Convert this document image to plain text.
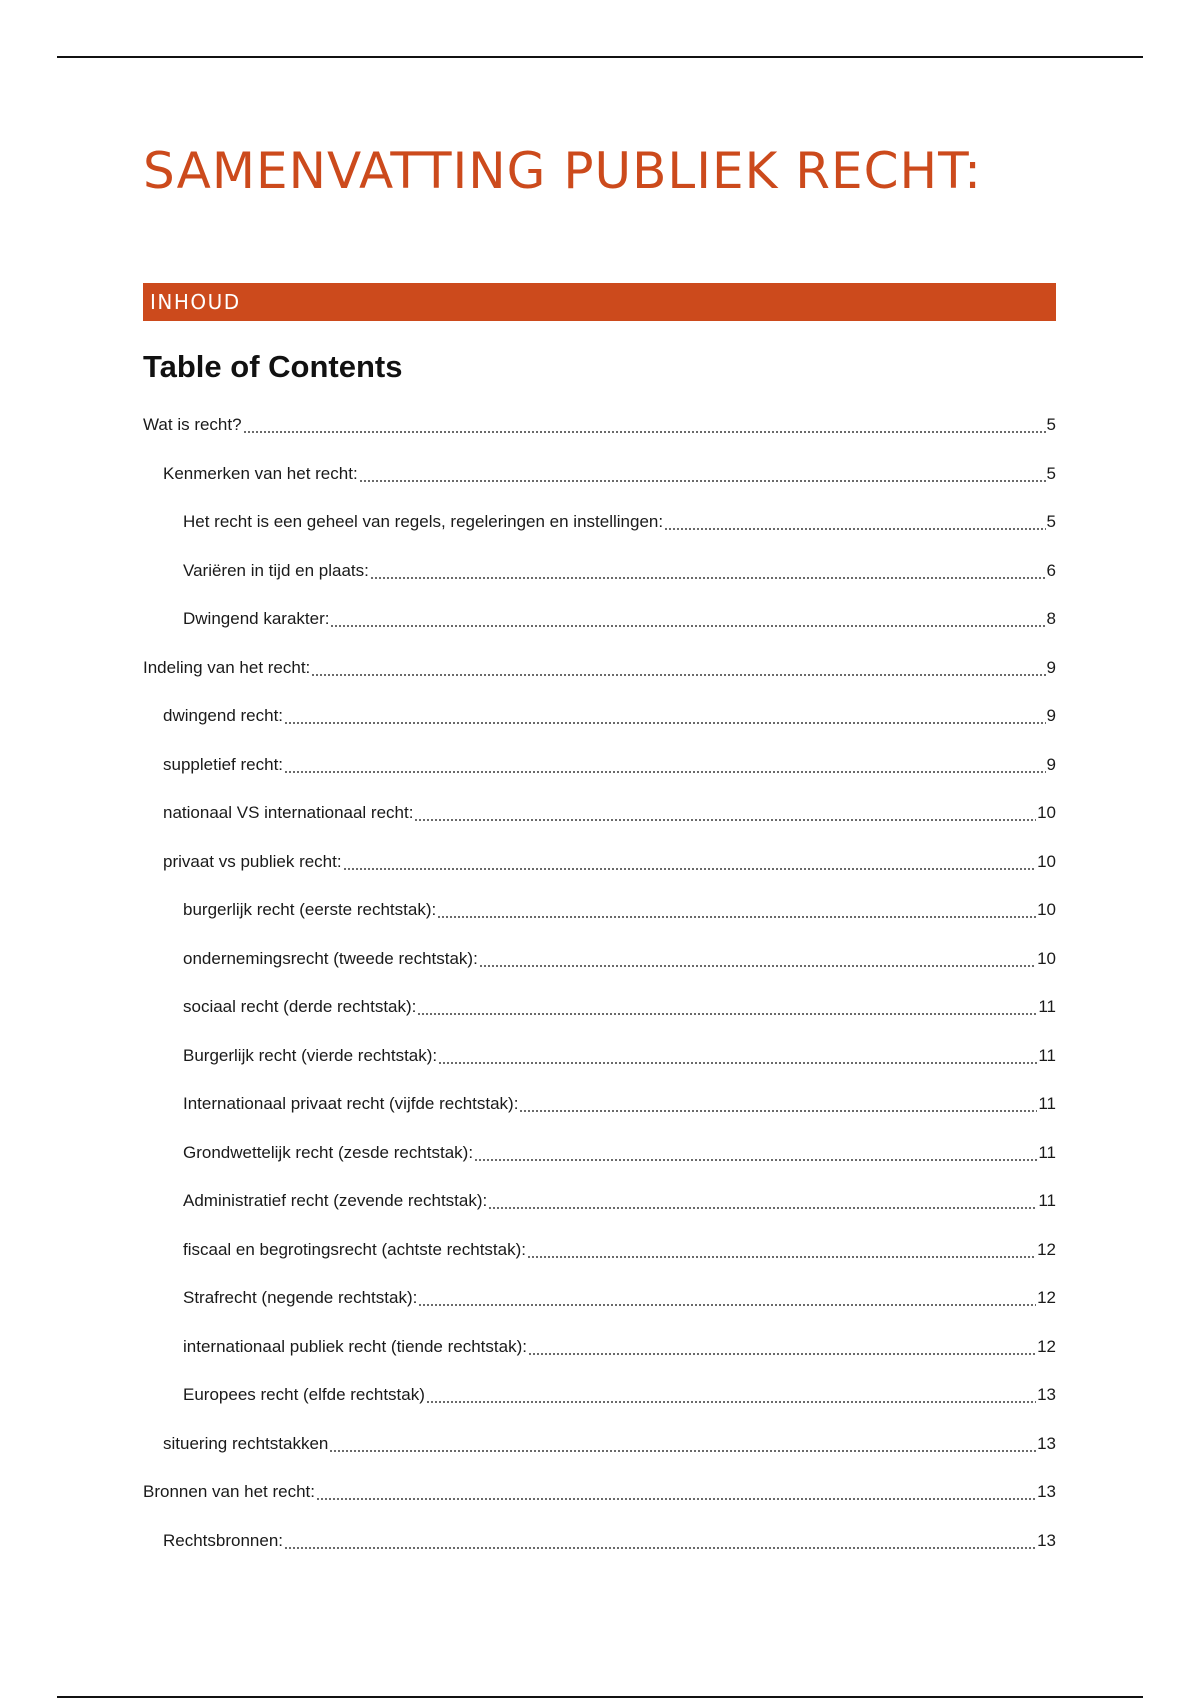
SAMENVATTING PUBLIEK RECHT:
INHOUD
Table of Contents
Wat is recht?	5
Kenmerken van het recht:	5
Het recht is een geheel van regels, regeleringen en instellingen:	5
Variëren in tijd en plaats:	6
Dwingend karakter:	8
Indeling van het recht:	9
dwingend recht:	9
suppletief recht:	9
nationaal VS internationaal recht:	10
privaat vs publiek recht:	10
burgerlijk recht (eerste rechtstak):	10
ondernemingsrecht (tweede rechtstak):	10
sociaal recht (derde rechtstak):	11
Burgerlijk recht (vierde rechtstak):	11
Internationaal privaat recht (vijfde rechtstak):	11
Grondwettelijk recht (zesde rechtstak):	11
Administratief recht (zevende rechtstak):	11
fiscaal en begrotingsrecht (achtste rechtstak):	12
Strafrecht (negende rechtstak):	12
internationaal publiek recht (tiende rechtstak):	12
Europees recht (elfde rechtstak)	13
situering rechtstakken	13
Bronnen van het recht:	13
Rechtsbronnen:	13
